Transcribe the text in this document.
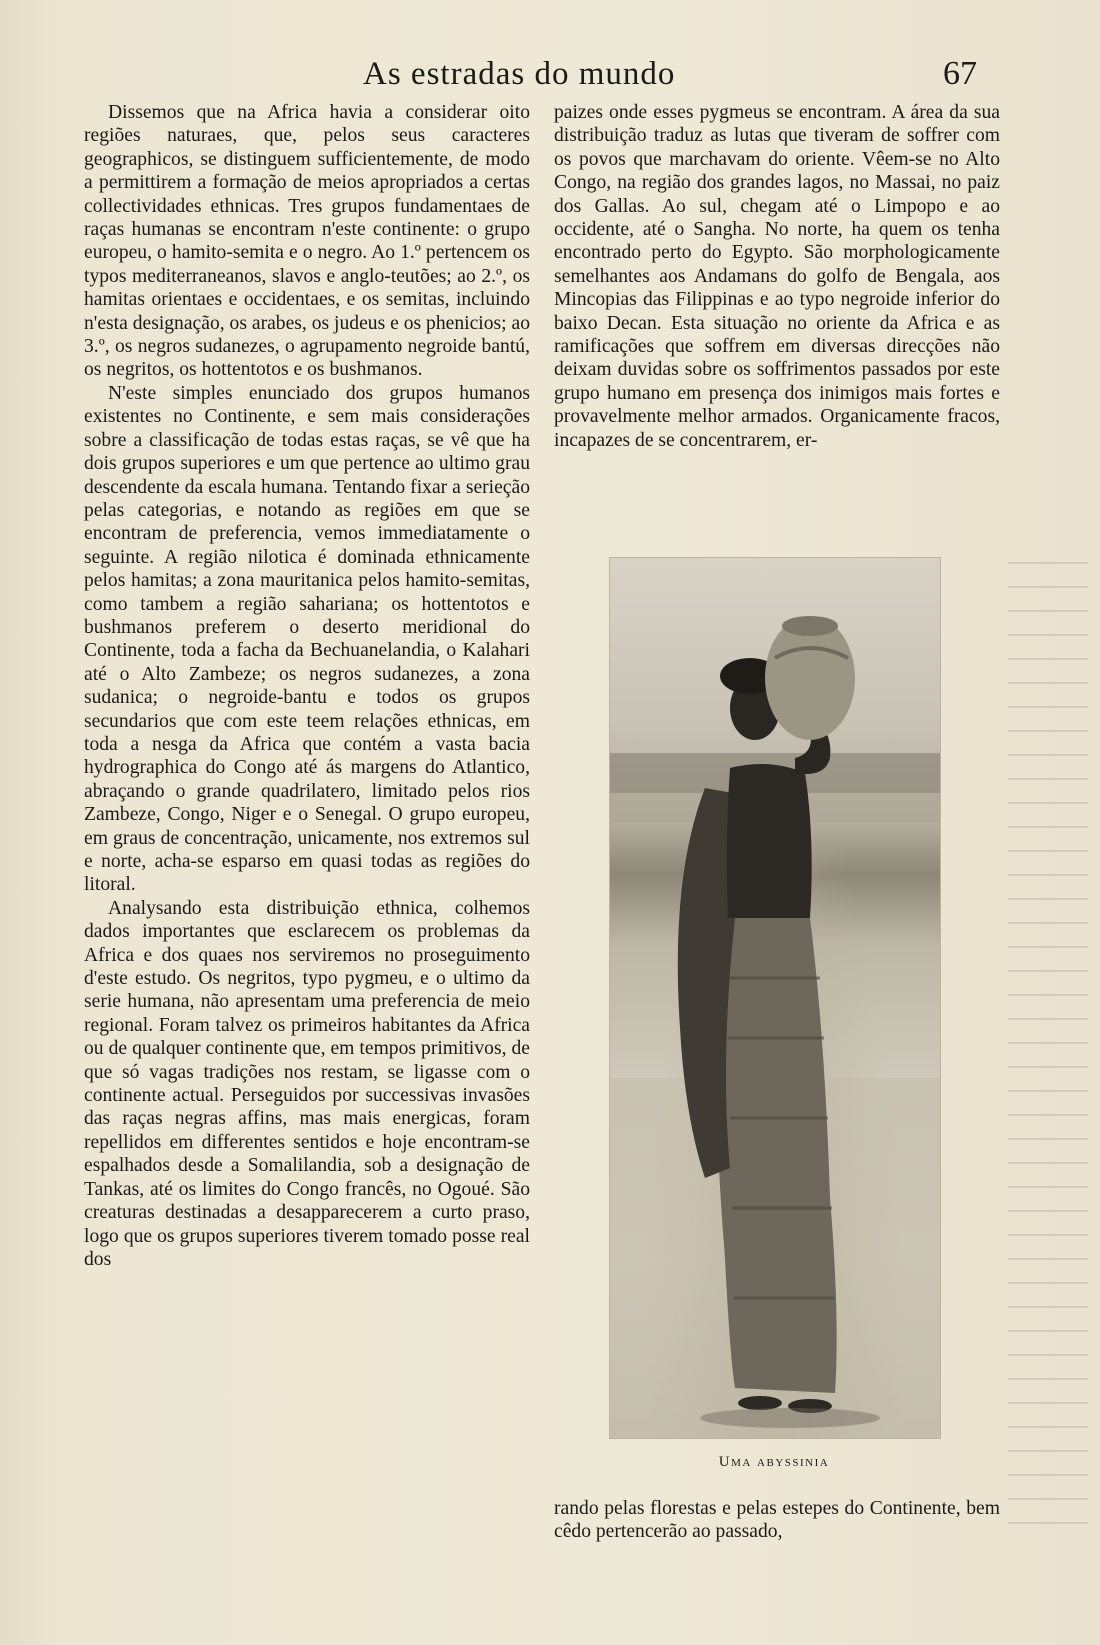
As estradas do mundo	67

Dissemos que na Africa havia a considerar oito regiões naturaes, que, pelos seus caracteres geographicos, se distinguem sufficientemente, de modo a permittirem a formação de meios apropriados a certas collectividades ethnicas. Tres grupos fundamentaes de raças humanas se encontram n'este continente: o grupo europeu, o hamito-semita e o negro. Ao 1.º pertencem os typos mediterraneanos, slavos e anglo-teutões; ao 2.º, os hamitas orientaes e occidentaes, e os semitas, incluindo n'esta designação, os arabes, os judeus e os phenicios; ao 3.º, os negros sudanezes, o agrupamento negroide bantú, os negritos, os hottentotos e os bushmanos.

N'este simples enunciado dos grupos humanos existentes no Continente, e sem mais considerações sobre a classificação de todas estas raças, se vê que ha dois grupos superiores e um que pertence ao ultimo grau descendente da escala humana. Tentando fixar a serieção pelas categorias, e notando as regiões em que se encontram de preferencia, vemos immediatamente o seguinte. A região nilotica é dominada ethnicamente pelos hamitas; a zona mauritanica pelos hamito-semitas, como tambem a região sahariana; os hottentotos e bushmanos preferem o deserto meridional do Continente, toda a facha da Bechuanelandia, o Kalahari até o Alto Zambeze; os negros sudanezes, a zona sudanica; o negroide-bantu e todos os grupos secundarios que com este teem relações ethnicas, em toda a nesga da Africa que contém a vasta bacia hydrographica do Congo até ás margens do Atlantico, abraçando o grande quadrilatero, limitado pelos rios Zambeze, Congo, Niger e o Senegal. O grupo europeu, em graus de concentração, unicamente, nos extremos sul e norte, acha-se esparso em quasi todas as regiões do litoral.

Analysando esta distribuição ethnica, colhemos dados importantes que esclarecem os problemas da Africa e dos quaes nos serviremos no proseguimento d'este estudo. Os negritos, typo pygmeu, e o ultimo da serie humana, não apresentam uma preferencia de meio regional. Foram talvez os primeiros habitantes da Africa ou de qualquer continente que, em tempos primitivos, de que só vagas tradições nos restam, se ligasse com o continente actual. Perseguidos por successivas invasões das raças negras affins, mas mais energicas, foram repellidos em differentes sentidos e hoje encontram-se espalhados desde a Somalilandia, sob a designação de Tankas, até os limites do Congo francês, no Ogoué. São creaturas destinadas a desapparecerem a curto praso, logo que os grupos superiores tiverem tomado posse real dos

paizes onde esses pygmeus se encontram. A área da sua distribuição traduz as lutas que tiveram de soffrer com os povos que marchavam do oriente. Vêem-se no Alto Congo, na região dos grandes lagos, no Massai, no paiz dos Gallas. Ao sul, chegam até o Limpopo e ao occidente, até o Sangha. No norte, ha quem os tenha encontrado perto do Egypto. São morphologicamente semelhantes aos Andamans do golfo de Bengala, aos Mincopias das Filippinas e ao typo negroide inferior do baixo Decan. Esta situação no oriente da Africa e as ramificações que soffrem em diversas direcções não deixam duvidas sobre os soffrimentos passados por este grupo humano em presença dos inimigos mais fortes e provavelmente melhor armados. Organicamente fracos, incapazes de se concentrarem, er-

Uma abyssinia

rando pelas florestas e pelas estepes do Continente, bem cêdo pertencerão ao passado,
